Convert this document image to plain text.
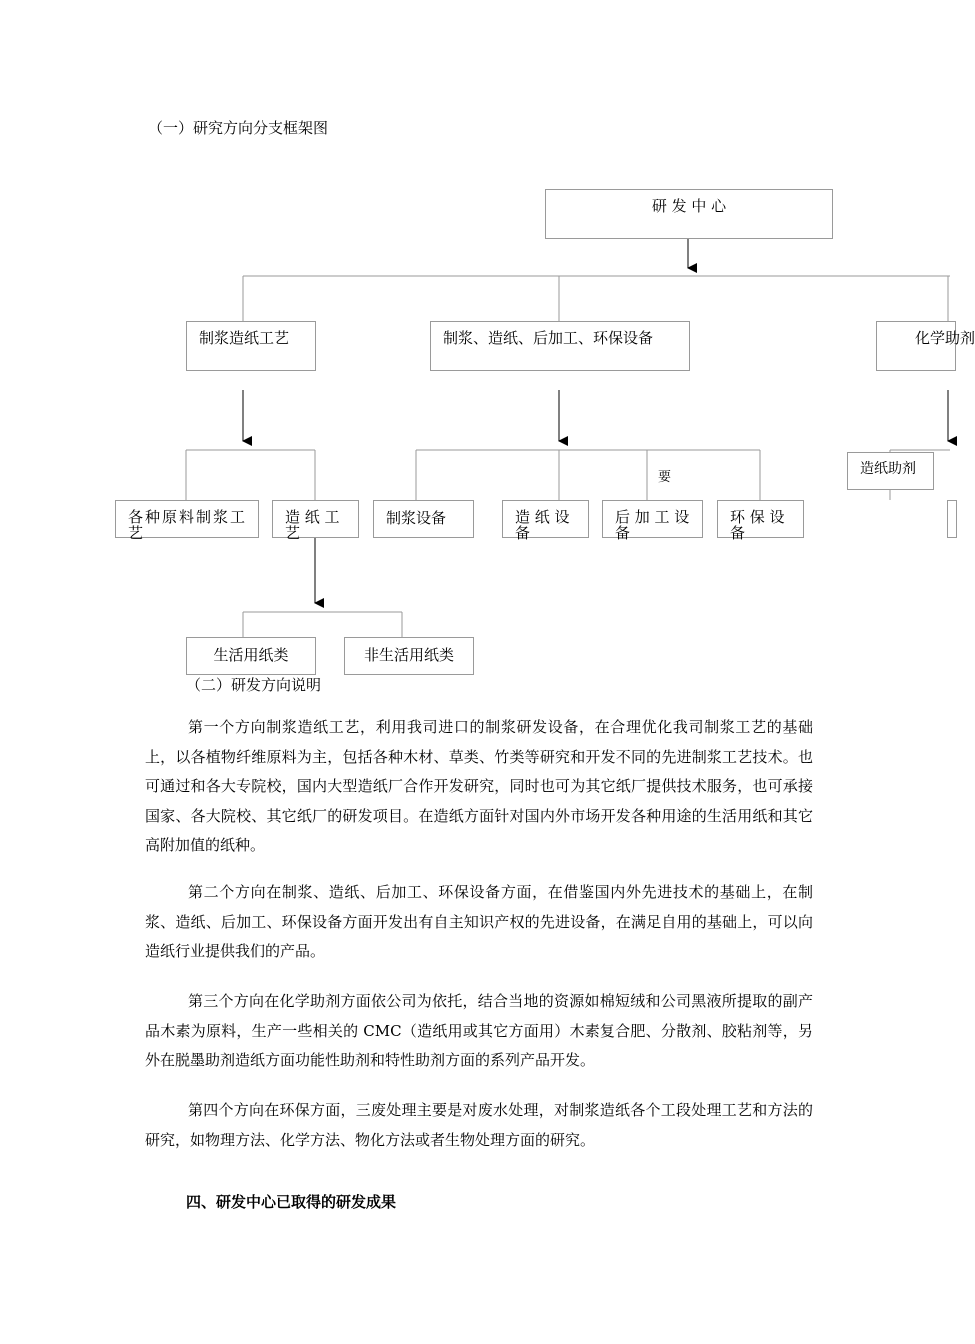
（一）研究方向分支框架图
研 发 中 心
制浆造纸工艺	制浆、造纸、后加工、环保设备	化学助剂
各种原料制浆工艺
造 纸 工 艺
制浆设备	造 纸 设 备
后 加 工 设 备
环 保 设 备
要
造纸助剂
生活用纸类	非生活用纸类
（二）研发方向说明
第一个方向制浆造纸工艺，利用我司进口的制浆研发设备，在合理优化我司制浆工艺的基础上，以各植物纤维原料为主，包括各种木材、草类、竹类等研究和开发不同的先进制浆工艺技术。也可通过和各大专院校，国内大型造纸厂合作开发研究，同时也可为其它纸厂提供技术服务，也可承接国家、各大院校、其它纸厂的研发项目。在造纸方面针对国内外市场开发各种用途的生活用纸和其它高附加值的纸种。
第二个方向在制浆、造纸、后加工、环保设备方面，在借鉴国内外先进技术的基础上，在制浆、造纸、后加工、环保设备方面开发出有自主知识产权的先进设备，在满足自用的基础上，可以向造纸行业提供我们的产品。
第三个方向在化学助剂方面依公司为依托，结合当地的资源如棉短绒和公司黑液所提取的副产品木素为原料，生产一些相关的 CMC（造纸用或其它方面用）木素复合肥、分散剂、胶粘剂等，另外在脱墨助剂造纸方面功能性助剂和特性助剂方面的系列产品开发。
第四个方向在环保方面，三废处理主要是对废水处理，对制浆造纸各个工段处理工艺和方法的研究，如物理方法、化学方法、物化方法或者生物处理方面的研究。
四、研发中心已取得的研发成果
